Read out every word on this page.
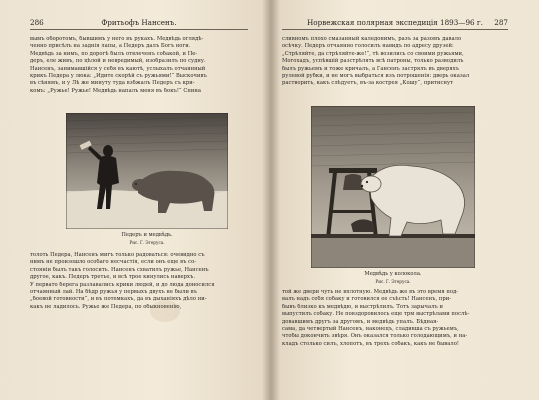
286	Фритьофъ Нансенъ.
вымъ оборотомъ, бывшимъ у него въ рукахъ. Медвѣдь оглядѣ-
ченно присѣлъ на заднія лапы, а Педеръ далъ Богъ ноги.
Медвѣдь за нимъ, по дорогѣ былъ отвлеченъ собакой, и Пе-
деръ, еле живъ, по цѣлой и невредимый, изобразилъ по судну.
Нансенъ, занимавшійся у себя въ каютѣ, услыхалъ отчаянный
крикъ Педера у люка: „Идите скорѣй съ ружьями!“ Выскочивъ
въ сѣнямъ, и у Лѣ же минуту туда взбжалъ Педеръ съ кри-
комъ: „Ружье! Ружье! Медвѣдь напалъ меня въ бокъ!“ Спина
Педеръ и медвѣдь.
Рис. Г. Эгеруса.
толоть Педера, Нансенъ мигъ только радоваться: очевидно съ
нимъ не произошло особаго несчастія, если онъ еще въ со-
стояніи былъ такъ голосить. Нансенъ схватилъ ружье, Нансенъ
другое, какъ. Педеръ третье, и всѣ трое кинулись наверхъ.
У первато берега разлавались крики людей, и до люда доносился
отчаянный лай. На бѣдр ружья у первыхъ двухъ не были въ
„боевой готовности“, и въ потемкахъ, да въ дыханіяхъ дѣло ни-
какъ не ладилось. Ружье же Педера, по обыкновенію,
Норвежская полярная экспедиція 1893—96 г.	287
сливномъ плохо смазанный каледонимъ, разъ за разомъ давало
осѣчку. Педеръ отчаянно голосилъ навидъ по адресу друзей:
„Стрѣляйте, да стрѣляйте-же!“, тѣ возились со своими ружьями,
Могохадъ, успѣвшій разстрѣлять всѣ патроны, только разводилъ
былъ ружьемъ и тоже кричалъ, а Гансенъ застрялъ въ дверяхъ
рулевой рубки, и не могъ выбраться изъ потрошенія: дверь оказал
растворить, какъ слѣдуетъ, въ-за кострея „Кошу“, притиснут
Медвѣдь у колокола.
Рис. Г. Эгеруса.
той же двери чуть не вплотную. Медвѣдь же въ это время под-
валъ надъ себя собаку и готовился ее съѣсть! Нансенъ, при-
бывъ близко къ медвѣдю, и выстрѣлилъ. Тотъ зарычалъ и
выпустилъ собаку. Не повздоровилось еще трм выстрѣлами послѣ-
довавшимъ другъ за другомъ, и медвѣдь упалъ. Бѣдная-
сама, да четвертый Нансенъ, наконецъ, сладивша съ ружьемъ,
чтобы докончить звѣря. Онъ оказался только голодающимъ, и на-
кладъ столько силъ, хлопотъ, въ трехъ собакъ, какъ не бывало!
